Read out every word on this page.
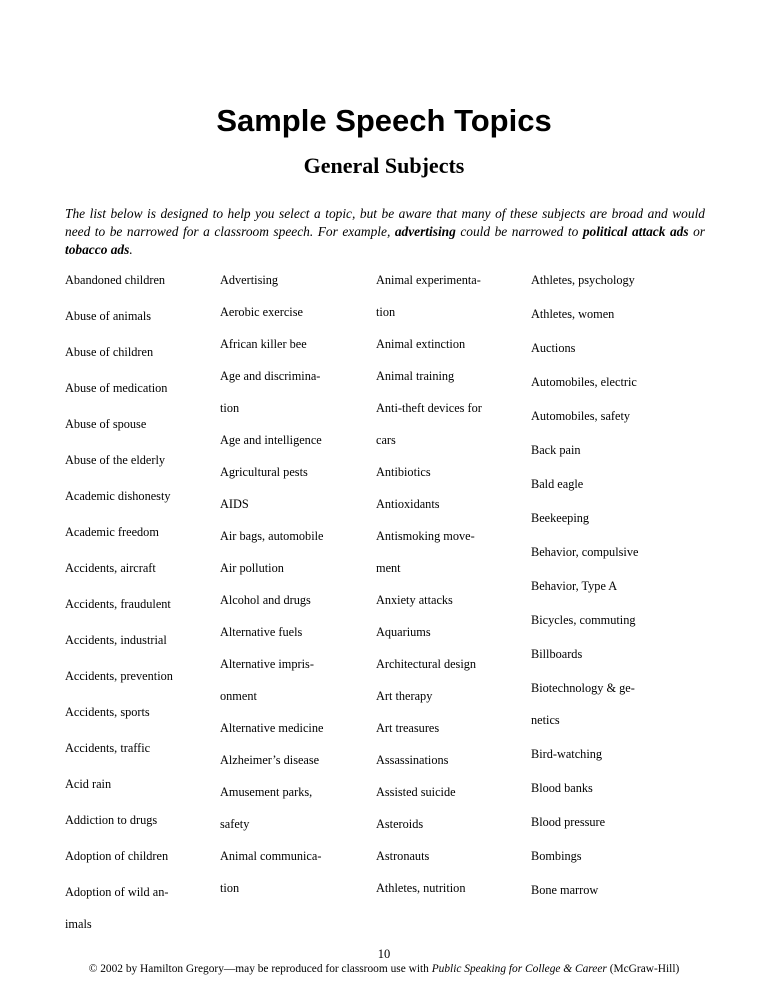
Sample Speech Topics
General Subjects

The list below is designed to help you select a topic, but be aware that many of these subjects are broad and would need to be narrowed for a classroom speech. For example, advertising could be narrowed to political attack ads or tobacco ads.

Abandoned children
Abuse of animals
Abuse of children
Abuse of medication
Abuse of spouse
Abuse of the elderly
Academic dishonesty
Academic freedom
Accidents, aircraft
Accidents, fraudulent
Accidents, industrial
Accidents, prevention
Accidents, sports
Accidents, traffic
Acid rain
Addiction to drugs
Adoption of children
Adoption of wild an-
imals
Advertising
Aerobic exercise
African killer bee
Age and discrimina-
tion
Age and intelligence
Agricultural pests
AIDS
Air bags, automobile
Air pollution
Alcohol and drugs
Alternative fuels
Alternative impris-
onment
Alternative medicine
Alzheimer’s disease
Amusement parks,
safety
Animal communica-
tion
Animal experimenta-
tion
Animal extinction
Animal training
Anti-theft devices for
cars
Antibiotics
Antioxidants
Antismoking move-
ment
Anxiety attacks
Aquariums
Architectural design
Art therapy
Art treasures
Assassinations
Assisted suicide
Asteroids
Astronauts
Athletes, nutrition
Athletes, psychology
Athletes, women
Auctions
Automobiles, electric
Automobiles, safety
Back pain
Bald eagle
Beekeeping
Behavior, compulsive
Behavior, Type A
Bicycles, commuting
Billboards
Biotechnology & ge-
netics
Bird-watching
Blood banks
Blood pressure
Bombings
Bone marrow
10
© 2002 by Hamilton Gregory—may be reproduced for classroom use with Public Speaking for College & Career (McGraw-Hill)
